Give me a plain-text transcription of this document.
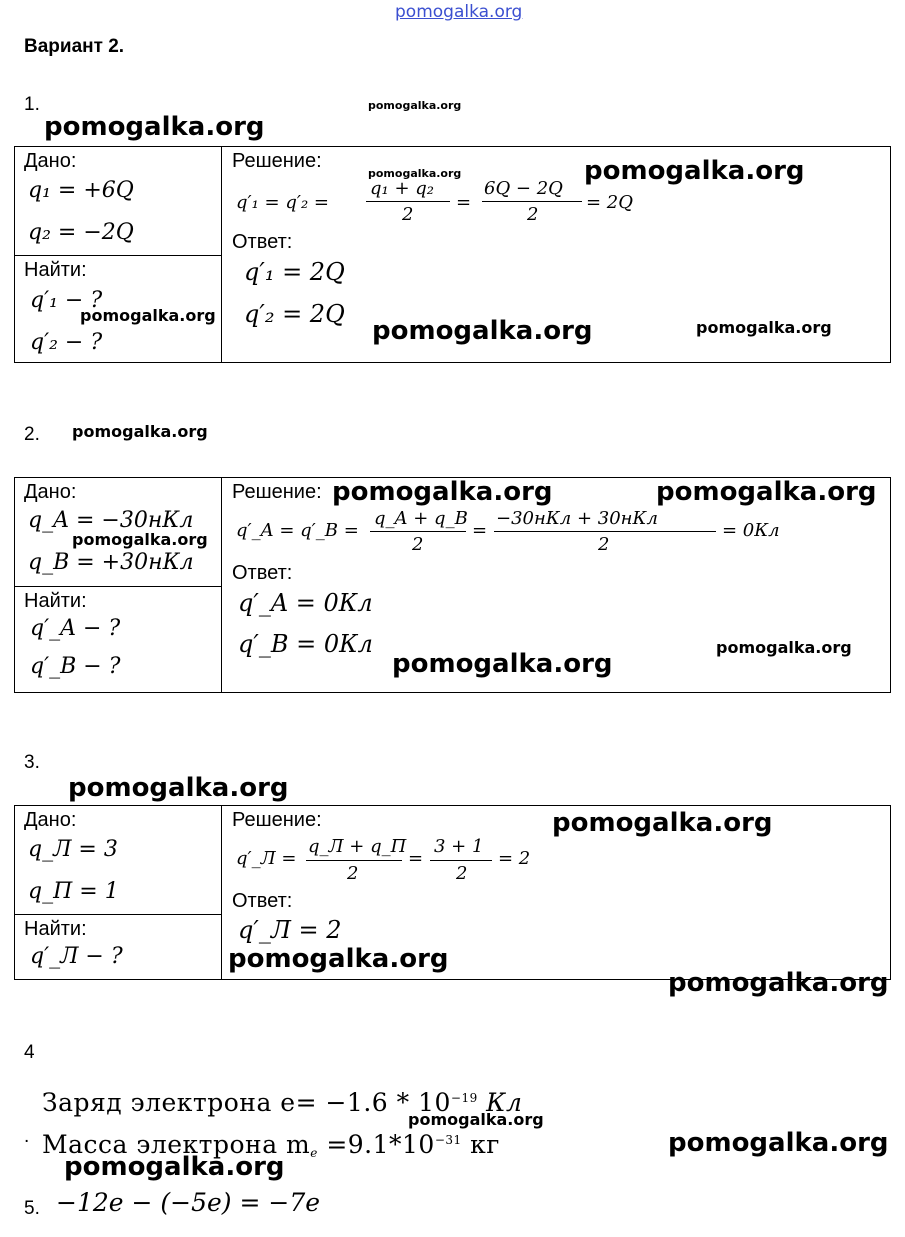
pomogalka.org
Вариант 2.
1.
Дано:
q₁ = +6Q
q₂ = −2Q
Найти:
q′₁ − ?
q′₂ − ?
Решение:
q′₁ = q′₂ =
q₁ + q₂
2
=
6Q − 2Q
2
= 2Q
Ответ:
q′₁ = 2Q
q′₂ = 2Q
2.
Дано:
q_A = −30нКл
q_B = +30нКл
Найти:
q′_A − ?
q′_B − ?
Решение:
q′_A = q′_B =
q_A + q_B
2
=
−30нКл + 30нКл
2
= 0Кл
Ответ:
q′_A = 0Кл
q′_B = 0Кл
3.
Дано:
q_Л = 3
q_П = 1
Найти:
q′_Л − ?
Решение:
q′_Л =
q_Л + q_П
2
=
3 + 1
2
= 2
Ответ:
q′_Л = 2
4
Заряд электрона $e= -1.6 * 10^{-19}$ Кл
. Масса электрона $m_e =9.1*10^{-31}$ кг
5. −12e − (−5e) = −7e
pomogalka.org
pomogalka.org
pomogalka.org	pomogalka.org
pomogalka.org
pomogalka.org	pomogalka.org
pomogalka.org
pomogalka.org	pomogalka.org
pomogalka.org
pomogalka.org
pomogalka.org
pomogalka.org
pomogalka.org
pomogalka.org
pomogalka.org
pomogalka.org
pomogalka.org
pomogalka.org
